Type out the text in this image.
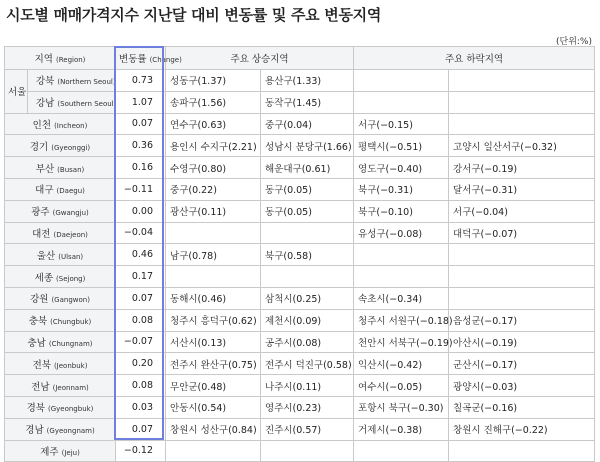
시도별 매매가격지수 지난달 대비 변동률 및 주요 변동지역
(단위:%)
지역 (Region)		변동률 (Change)	주요 상승지역		주요 하락지역	
서울	강북 (Northern Seoul)	0.73	성동구(1.37)	용산구(1.33)		
	강남 (Southern Seoul)	1.07	송파구(1.56)	동작구(1.45)		
인천 (Incheon)		0.07	연수구(0.63)	중구(0.04)	서구(−0.15)	
경기 (Gyeonggi)		0.36	용인시 수지구(2.21)	성남시 분당구(1.66)	평택시(−0.51)	고양시 일산서구(−0.32)
부산 (Busan)		0.16	수영구(0.80)	해운대구(0.61)	영도구(−0.40)	강서구(−0.19)
대구 (Daegu)		−0.11	중구(0.22)	동구(0.05)	북구(−0.31)	달서구(−0.31)
광주 (Gwangju)		0.00	광산구(0.11)	동구(0.05)	북구(−0.10)	서구(−0.04)
대전 (Daejeon)		−0.04			유성구(−0.08)	대덕구(−0.07)
울산 (Ulsan)		0.46	남구(0.78)	북구(0.58)		
세종 (Sejong)		0.17				
강원 (Gangwon)		0.07	동해시(0.46)	삼척시(0.25)	속초시(−0.34)	
충북 (Chungbuk)		0.08	청주시 흥덕구(0.62)	제천시(0.09)	청주시 서원구(−0.18)	음성군(−0.17)
충남 (Chungnam)		−0.07	서산시(0.13)	공주시(0.08)	천안시 서북구(−0.19)	아산시(−0.19)
전북 (Jeonbuk)		0.20	전주시 완산구(0.75)	전주시 덕진구(0.58)	익산시(−0.42)	군산시(−0.17)
전남 (Jeonnam)		0.08	무안군(0.48)	나주시(0.11)	여수시(−0.05)	광양시(−0.03)
경북 (Gyeongbuk)		0.03	안동시(0.54)	영주시(0.23)	포항시 북구(−0.30)	칠곡군(−0.16)
경남 (Gyeongnam)		0.07	창원시 성산구(0.84)	진주시(0.57)	거제시(−0.38)	창원시 진해구(−0.22)
제주 (Jeju)		−0.12				
